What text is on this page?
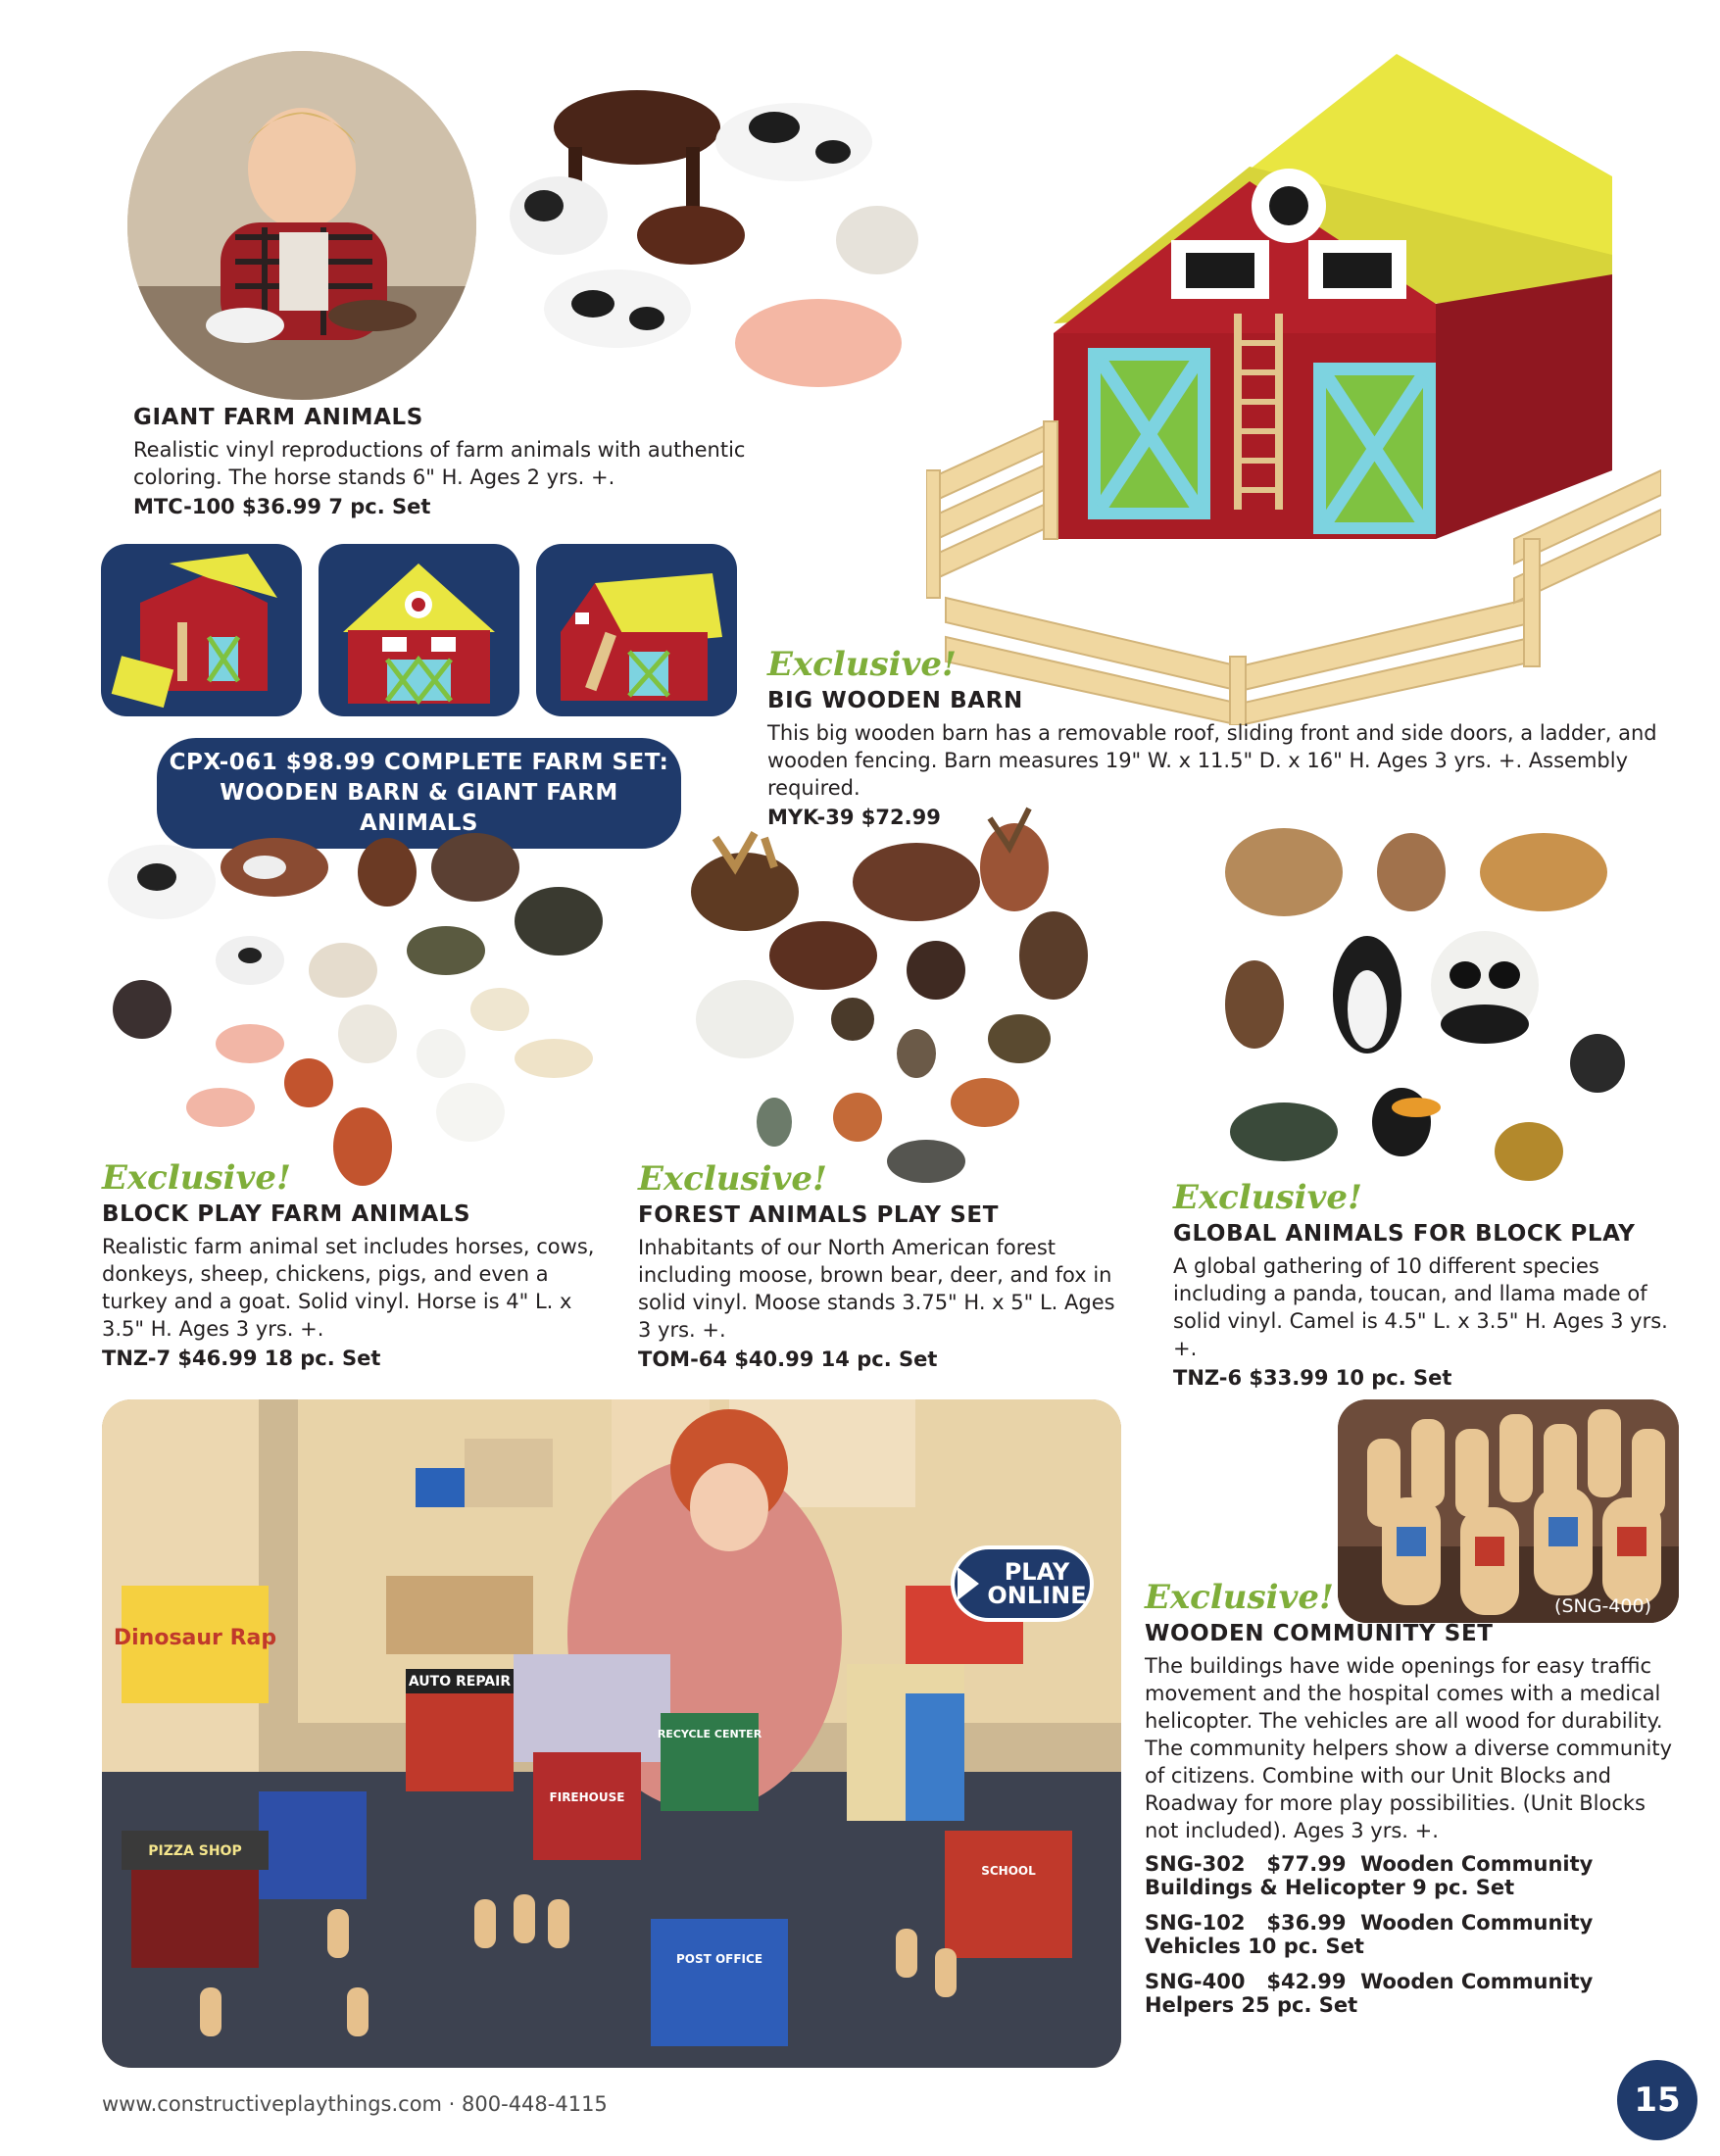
GIANT FARM ANIMALS

Realistic vinyl reproductions of farm animals with authentic coloring. The horse stands 6" H. Ages 2 yrs. +.

MTC-100 $36.99 7 pc. Set

CPX-061 $98.99 COMPLETE FARM SET:
WOODEN BARN & GIANT FARM ANIMALS

Exclusive!

BIG WOODEN BARN

This big wooden barn has a removable roof, sliding front and side doors, a ladder, and wooden fencing. Barn measures 19" W. x 11.5" D. x 16" H. Ages 3 yrs. +. Assembly required.

MYK-39 $72.99

Exclusive!

BLOCK PLAY FARM ANIMALS

Realistic farm animal set includes horses, cows, donkeys, sheep, chickens, pigs, and even a turkey and a goat. Solid vinyl. Horse is 4" L. x 3.5" H. Ages 3 yrs. +.

TNZ-7 $46.99 18 pc. Set

Exclusive!

FOREST ANIMALS PLAY SET

Inhabitants of our North American forest including moose, brown bear, deer, and fox in solid vinyl. Moose stands 3.75" H. x 5" L. Ages 3 yrs. +.

TOM-64 $40.99 14 pc. Set

Exclusive!

GLOBAL ANIMALS FOR BLOCK PLAY

A global gathering of 10 different species including a panda, toucan, and llama made of solid vinyl. Camel is 4.5" L. x 3.5" H. Ages 3 yrs. +.

TNZ-6 $33.99 10 pc. Set

Dinosaur Rap
AUTO REPAIR
RECYCLE CENTER
FIREHOUSE
PIZZA SHOP
POST OFFICE
SCHOOL
PLAY
ONLINE	(SNG-400)

Exclusive!

WOODEN COMMUNITY SET

The buildings have wide openings for easy traffic movement and the hospital comes with a medical helicopter. The vehicles are all wood for durability. The community helpers show a diverse community of citizens. Combine with our Unit Blocks and Roadway for more play possibilities. (Unit Blocks not included). Ages 3 yrs. +.

SNG-302   $77.99  Wooden Community

Buildings & Helicopter 9 pc. Set

SNG-102   $36.99  Wooden Community

Vehicles 10 pc. Set

SNG-400   $42.99  Wooden Community

Helpers 25 pc. Set

www.constructiveplaythings.com · 800-448-4115	15
